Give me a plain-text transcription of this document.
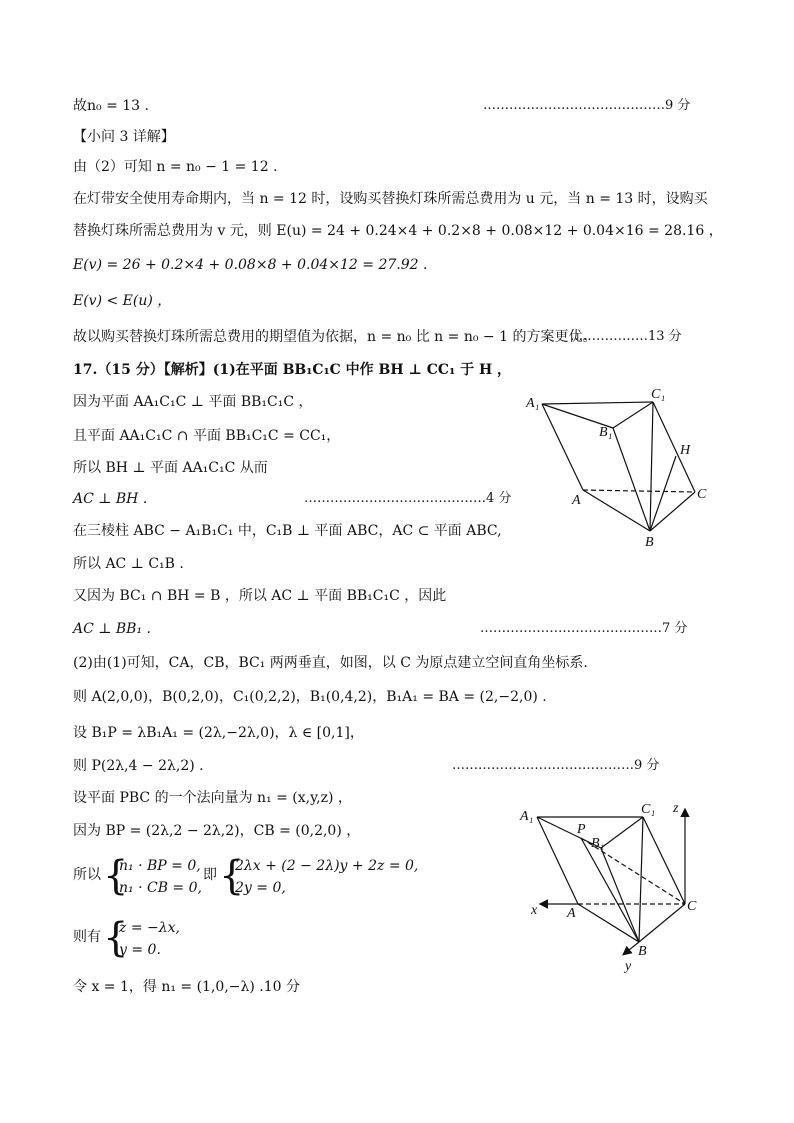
故n₀ = 13 .	……………………………………9 分
【小问 3 详解】
由（2）可知 n = n₀ − 1 = 12 .
在灯带安全使用寿命期内，当 n = 12 时，设购买替换灯珠所需总费用为 u 元，当 n = 13 时，设购买
替换灯珠所需总费用为 v 元，则 E(u) = 24 + 0.24×4 + 0.2×8 + 0.08×12 + 0.04×16 = 28.16 ，
E(v) = 26 + 0.2×4 + 0.08×8 + 0.04×12 = 27.92 .
E(v) < E(u) ，
故以购买替换灯珠所需总费用的期望值为依据，n = n₀ 比 n = n₀ − 1 的方案更优。
………………13 分
17.（15 分）【解析】(1)在平面 BB₁C₁C 中作 BH ⊥ CC₁ 于 H ，
因为平面 AA₁C₁C ⊥ 平面 BB₁C₁C ，
且平面 AA₁C₁C ∩ 平面 BB₁C₁C = CC₁，
所以 BH ⊥ 平面 AA₁C₁C 从而
AC ⊥ BH .	……………………………………4 分
在三棱柱 ABC − A₁B₁C₁ 中，C₁B ⊥ 平面 ABC，AC ⊂ 平面 ABC,
所以 AC ⊥ C₁B .
又因为 BC₁ ∩ BH = B ，所以 AC ⊥ 平面 BB₁C₁C ，因此
AC ⊥ BB₁ .	……………………………………7 分
(2)由(1)可知，CA，CB，BC₁ 两两垂直，如图，以 C 为原点建立空间直角坐标系.
则 A(2,0,0)，B(0,2,0)，C₁(0,2,2)，B₁(0,4,2)，B₁A₁ = BA = (2,−2,0) .
设 B₁P = λB₁A₁ = (2λ,−2λ,0)，λ ∈ [0,1]，
则 P(2λ,4 − 2λ,2) .	……………………………………9 分
设平面 PBC 的一个法向量为 n₁ = (x,y,z) ，
因为 BP = (2λ,2 − 2λ,2)，CB = (0,2,0) ，
所以 {
n₁ · BP = 0,
n₁ · CB = 0,
即 {
2λx + (2 − 2λ)y + 2z = 0,
2y = 0,
则有 {
z = −λx,
y = 0.
令 x = 1，得 n₁ = (1,0,−λ) .10 分
A₁
C₁
B₁
H
A	C
B
A₁	C₁
P
B₁
z
x A	C
B
y
